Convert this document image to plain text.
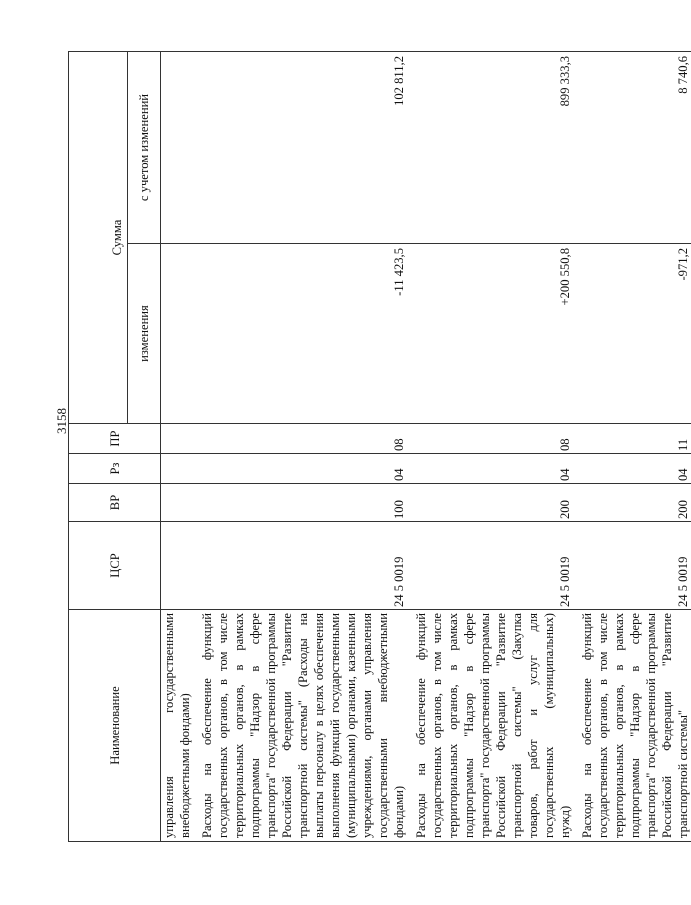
3158
Наименование	ЦСР	ВР	Рз	ПР	Сумма	
					изменения	с учетом изменений

управления государственными внебюджетными фондами)						

Расходы на обеспечение функций государственных органов, в том числе территориальных органов, в рамках подпрограммы "Надзор в сфере транспорта" государственной программы Российской Федерации "Развитие транспортной системы" (Расходы на выплаты персоналу в целях обеспечения выполнения функций государственными (муниципальными) органами, казенными учреждениями, органами управления государственными внебюджетными фондами)	24 5 0019	100	04	08	-11 423,5	102 811,2

Расходы на обеспечение функций государственных органов, в том числе территориальных органов, в рамках подпрограммы "Надзор в сфере транспорта" государственной программы Российской Федерации "Развитие транспортной системы" (Закупка товаров, работ и услуг для государственных (муниципальных) нужд)	24 5 0019	200	04	08	+200 550,8	899 333,3

Расходы на обеспечение функций государственных органов, в том числе территориальных органов, в рамках подпрограммы "Надзор в сфере транспорта" государственной программы Российской Федерации "Развитие транспортной системы"	24 5 0019	200	04	11	-971,2	8 740,6
